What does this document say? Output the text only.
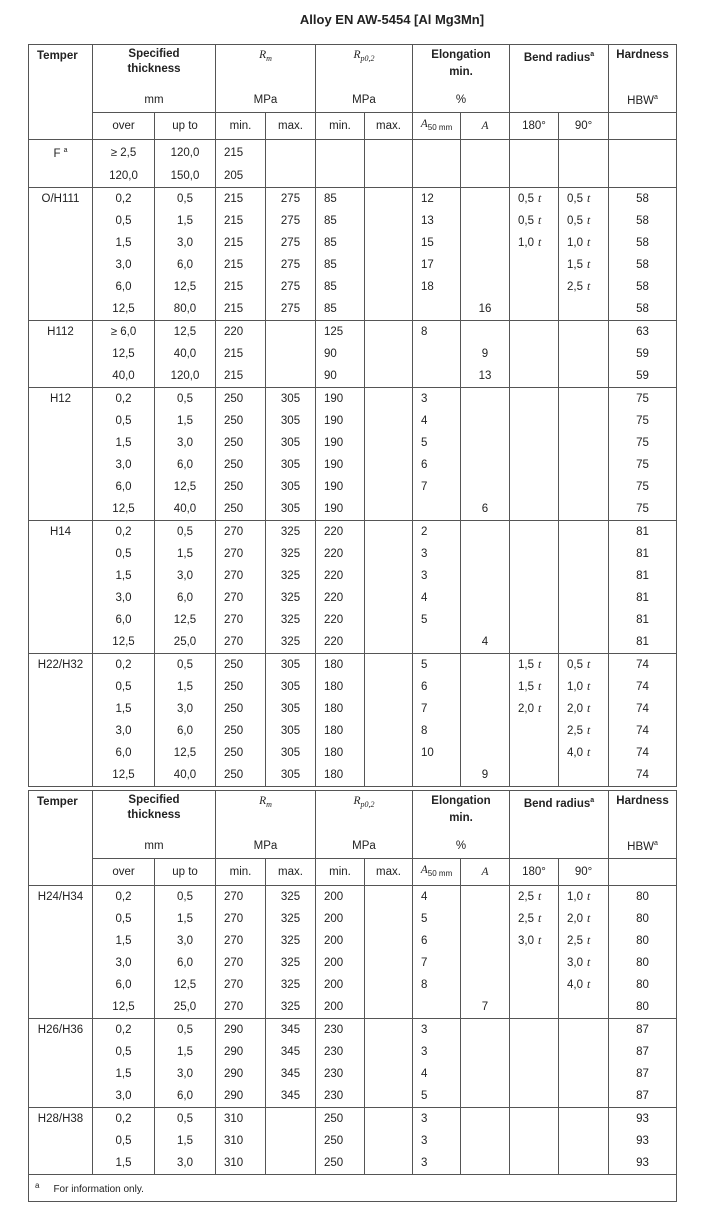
Alloy EN AW-5454 [Al Mg3Mn]
Temper	Specified thickness		$R_m$		$R_{p0,2}$		Elongation
min.		Bend radius$^a$		Hardness
	mm		MPa		MPa		%				HBW$^a$
	over	up to	min.	max.	min.	max.	$A_{50 mm}$	A	180°	90°	
F $^a$	≥ 2,5	120,0	215								
	120,0	150,0	205								
O/H111	0,2	0,5	215	275	85		12		0,5 t	0,5 t	58
	0,5	1,5	215	275	85		13		0,5 t	0,5 t	58
	1,5	3,0	215	275	85		15		1,0 t	1,0 t	58
	3,0	6,0	215	275	85		17			1,5 t	58
	6,0	12,5	215	275	85		18			2,5 t	58
	12,5	80,0	215	275	85			16			58
H112	≥ 6,0	12,5	220		125		8				63
	12,5	40,0	215		90			9			59
	40,0	120,0	215		90			13			59
H12	0,2	0,5	250	305	190		3				75
	0,5	1,5	250	305	190		4				75
	1,5	3,0	250	305	190		5				75
	3,0	6,0	250	305	190		6				75
	6,0	12,5	250	305	190		7				75
	12,5	40,0	250	305	190			6			75
H14	0,2	0,5	270	325	220		2				81
	0,5	1,5	270	325	220		3				81
	1,5	3,0	270	325	220		3				81
	3,0	6,0	270	325	220		4				81
	6,0	12,5	270	325	220		5				81
	12,5	25,0	270	325	220			4			81
H22/H32	0,2	0,5	250	305	180		5		1,5 t	0,5 t	74
	0,5	1,5	250	305	180		6		1,5 t	1,0 t	74
	1,5	3,0	250	305	180		7		2,0 t	2,0 t	74
	3,0	6,0	250	305	180		8			2,5 t	74
	6,0	12,5	250	305	180		10			4,0 t	74
	12,5	40,0	250	305	180			9			74
Temper	Specified thickness		$R_m$		$R_{p0,2}$		Elongation
min.		Bend radius$^a$		Hardness
	mm		MPa		MPa		%				HBW$^a$
	over	up to	min.	max.	min.	max.	$A_{50 mm}$	A	180°	90°	
H24/H34	0,2	0,5	270	325	200		4		2,5 t	1,0 t	80
	0,5	1,5	270	325	200		5		2,5 t	2,0 t	80
	1,5	3,0	270	325	200		6		3,0 t	2,5 t	80
	3,0	6,0	270	325	200		7			3,0 t	80
	6,0	12,5	270	325	200		8			4,0 t	80
	12,5	25,0	270	325	200			7			80
H26/H36	0,2	0,5	290	345	230		3				87
	0,5	1,5	290	345	230		3				87
	1,5	3,0	290	345	230		4				87
	3,0	6,0	290	345	230		5				87
H28/H38	0,2	0,5	310		250		3				93
	0,5	1,5	310		250		3				93
	1,5	3,0	310		250		3				93
$^a$ For information only.											
